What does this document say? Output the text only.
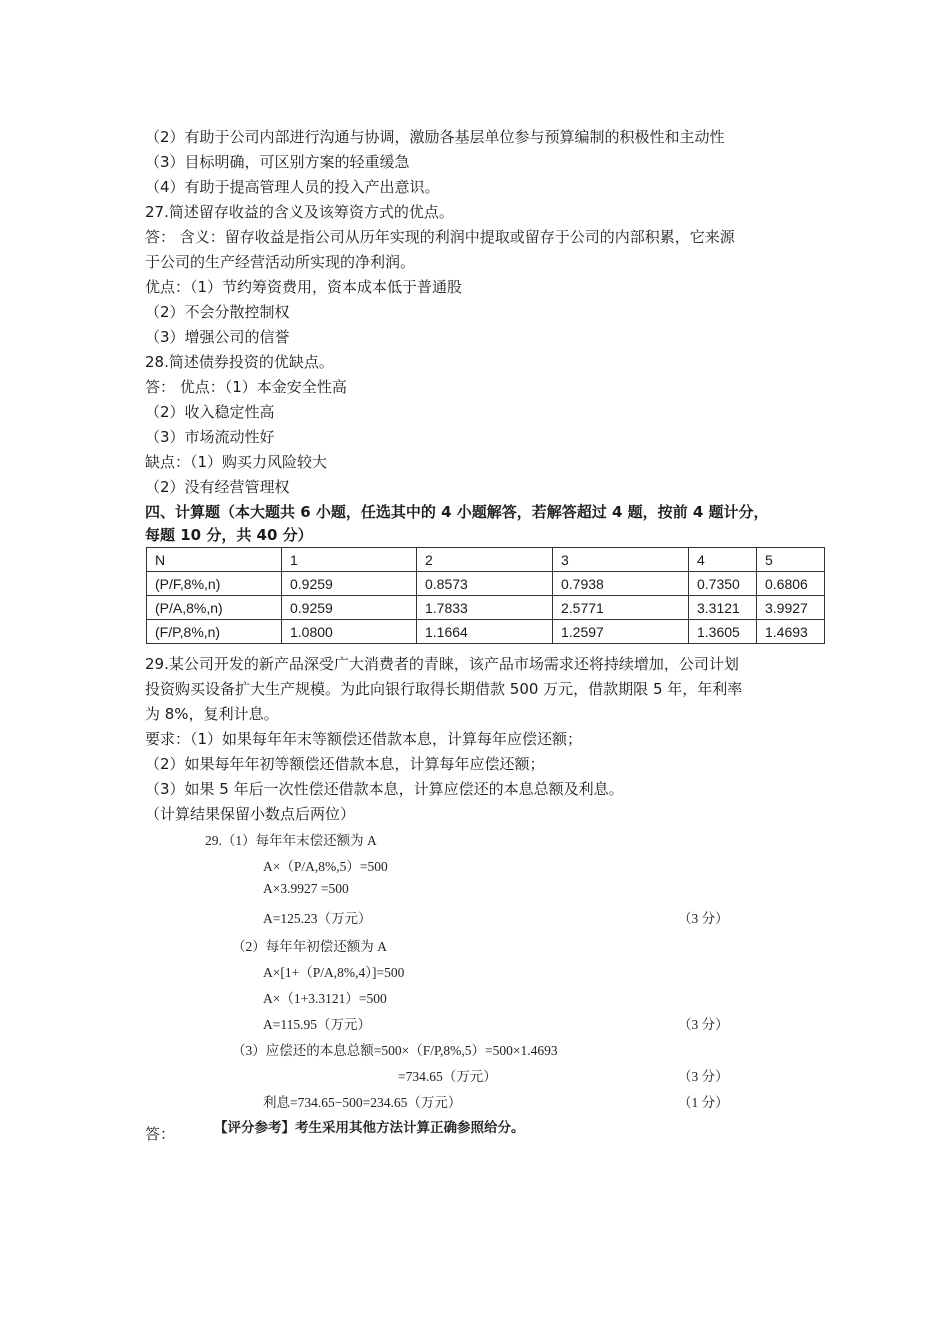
（2）有助于公司内部进行沟通与协调，激励各基层单位参与预算编制的积极性和主动性
（3）目标明确，可区别方案的轻重缓急
（4）有助于提高管理人员的投入产出意识。
27.简述留存收益的含义及该筹资方式的优点。
答： 含义：留存收益是指公司从历年实现的利润中提取或留存于公司的内部积累，它来源
于公司的生产经营活动所实现的净利润。
优点：（1）节约筹资费用，资本成本低于普通股
（2）不会分散控制权
（3）增强公司的信誉
28.简述债券投资的优缺点。
答： 优点：（1）本金安全性高
（2）收入稳定性高
（3）市场流动性好
缺点：（1）购买力风险较大
（2）没有经营管理权
四、计算题（本大题共 6 小题，任选其中的 4 小题解答，若解答超过 4 题，按前 4 题计分，
每题 10 分，共 40 分）
N	1	2	3	4	5
(P/F,8%,n)	0.9259	0.8573	0.7938	0.7350	0.6806
(P/A,8%,n)	0.9259	1.7833	2.5771	3.3121	3.9927
(F/P,8%,n)	1.0800	1.1664	1.2597	1.3605	1.4693
29.某公司开发的新产品深受广大消费者的青睐，该产品市场需求还将持续增加，公司计划
投资购买设备扩大生产规模。为此向银行取得长期借款 500 万元，借款期限 5 年，年利率
为 8%，复利计息。
要求：（1）如果每年年末等额偿还借款本息，计算每年应偿还额；
（2）如果每年年初等额偿还借款本息，计算每年应偿还额；
（3）如果 5 年后一次性偿还借款本息，计算应偿还的本息总额及利息。
（计算结果保留小数点后两位）
29.（1）每年年末偿还额为 A
A×（P/A,8%,5）=500
A×3.9927 =500
A=125.23（万元）	（3 分）
（2）每年年初偿还额为 A
A×[1+（P/A,8%,4）]=500
A×（1+3.3121）=500
A=115.95（万元）	（3 分）
（3）应偿还的本息总额=500×（F/P,8%,5）=500×1.4693
=734.65（万元）	（3 分）
利息=734.65−500=234.65（万元）	（1 分）
答：	【评分参考】考生采用其他方法计算正确参照给分。
